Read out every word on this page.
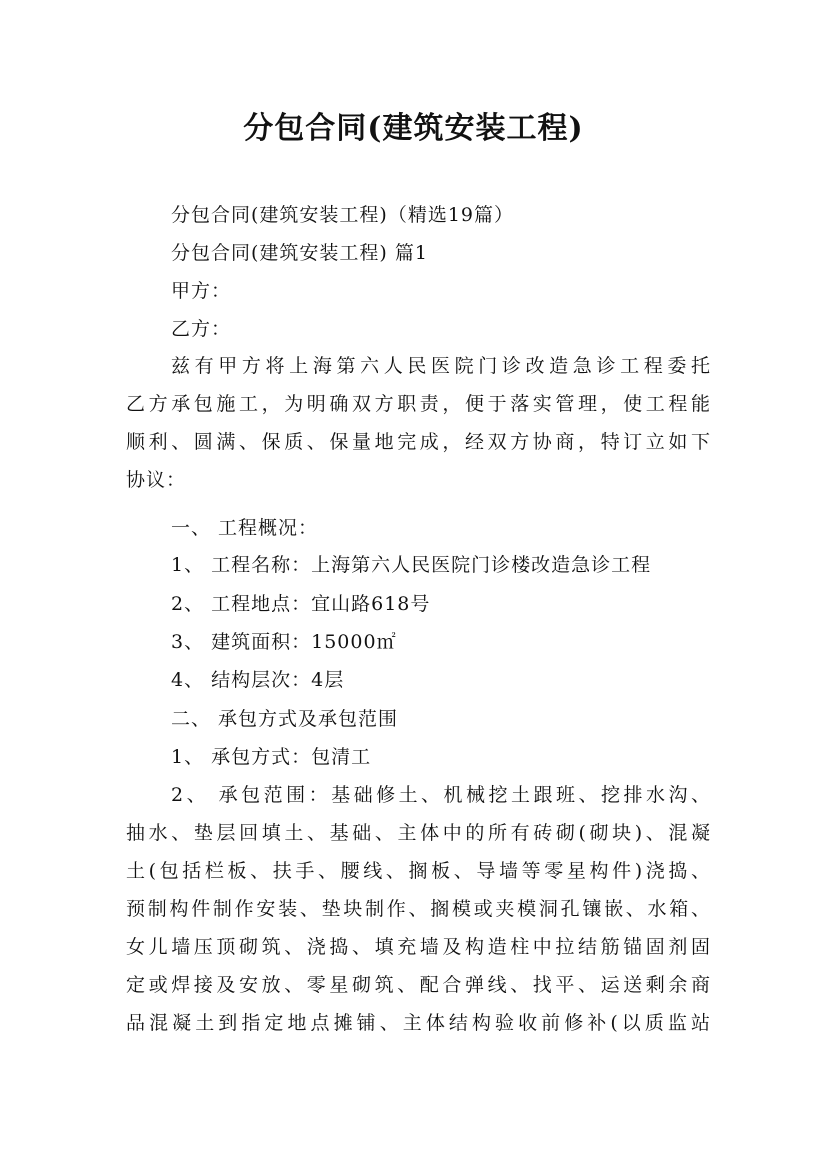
分包合同(建筑安装工程)
分包合同(建筑安装工程)（精选19篇）
分包合同(建筑安装工程) 篇1
甲方：
乙方：
兹有甲方将上海第六人民医院门诊改造急诊工程委托
乙方承包施工，为明确双方职责，便于落实管理，使工程能
顺利、圆满、保质、保量地完成，经双方协商，特订立如下
协议：
一、 工程概况：
1、 工程名称：上海第六人民医院门诊楼改造急诊工程
2、 工程地点：宜山路618号
3、 建筑面积：15000㎡
4、 结构层次：4层
二、 承包方式及承包范围
1、 承包方式：包清工
2、 承包范围：基础修土、机械挖土跟班、挖排水沟、
抽水、垫层回填土、基础、主体中的所有砖砌(砌块)、混凝
土(包括栏板、扶手、腰线、搁板、导墙等零星构件)浇捣、
预制构件制作安装、垫块制作、搁模或夹模洞孔镶嵌、水箱、
女儿墙压顶砌筑、浇捣、填充墙及构造柱中拉结筋锚固剂固
定或焊接及安放、零星砌筑、配合弹线、找平、运送剩余商
品混凝土到指定地点摊铺、主体结构验收前修补(以质监站
